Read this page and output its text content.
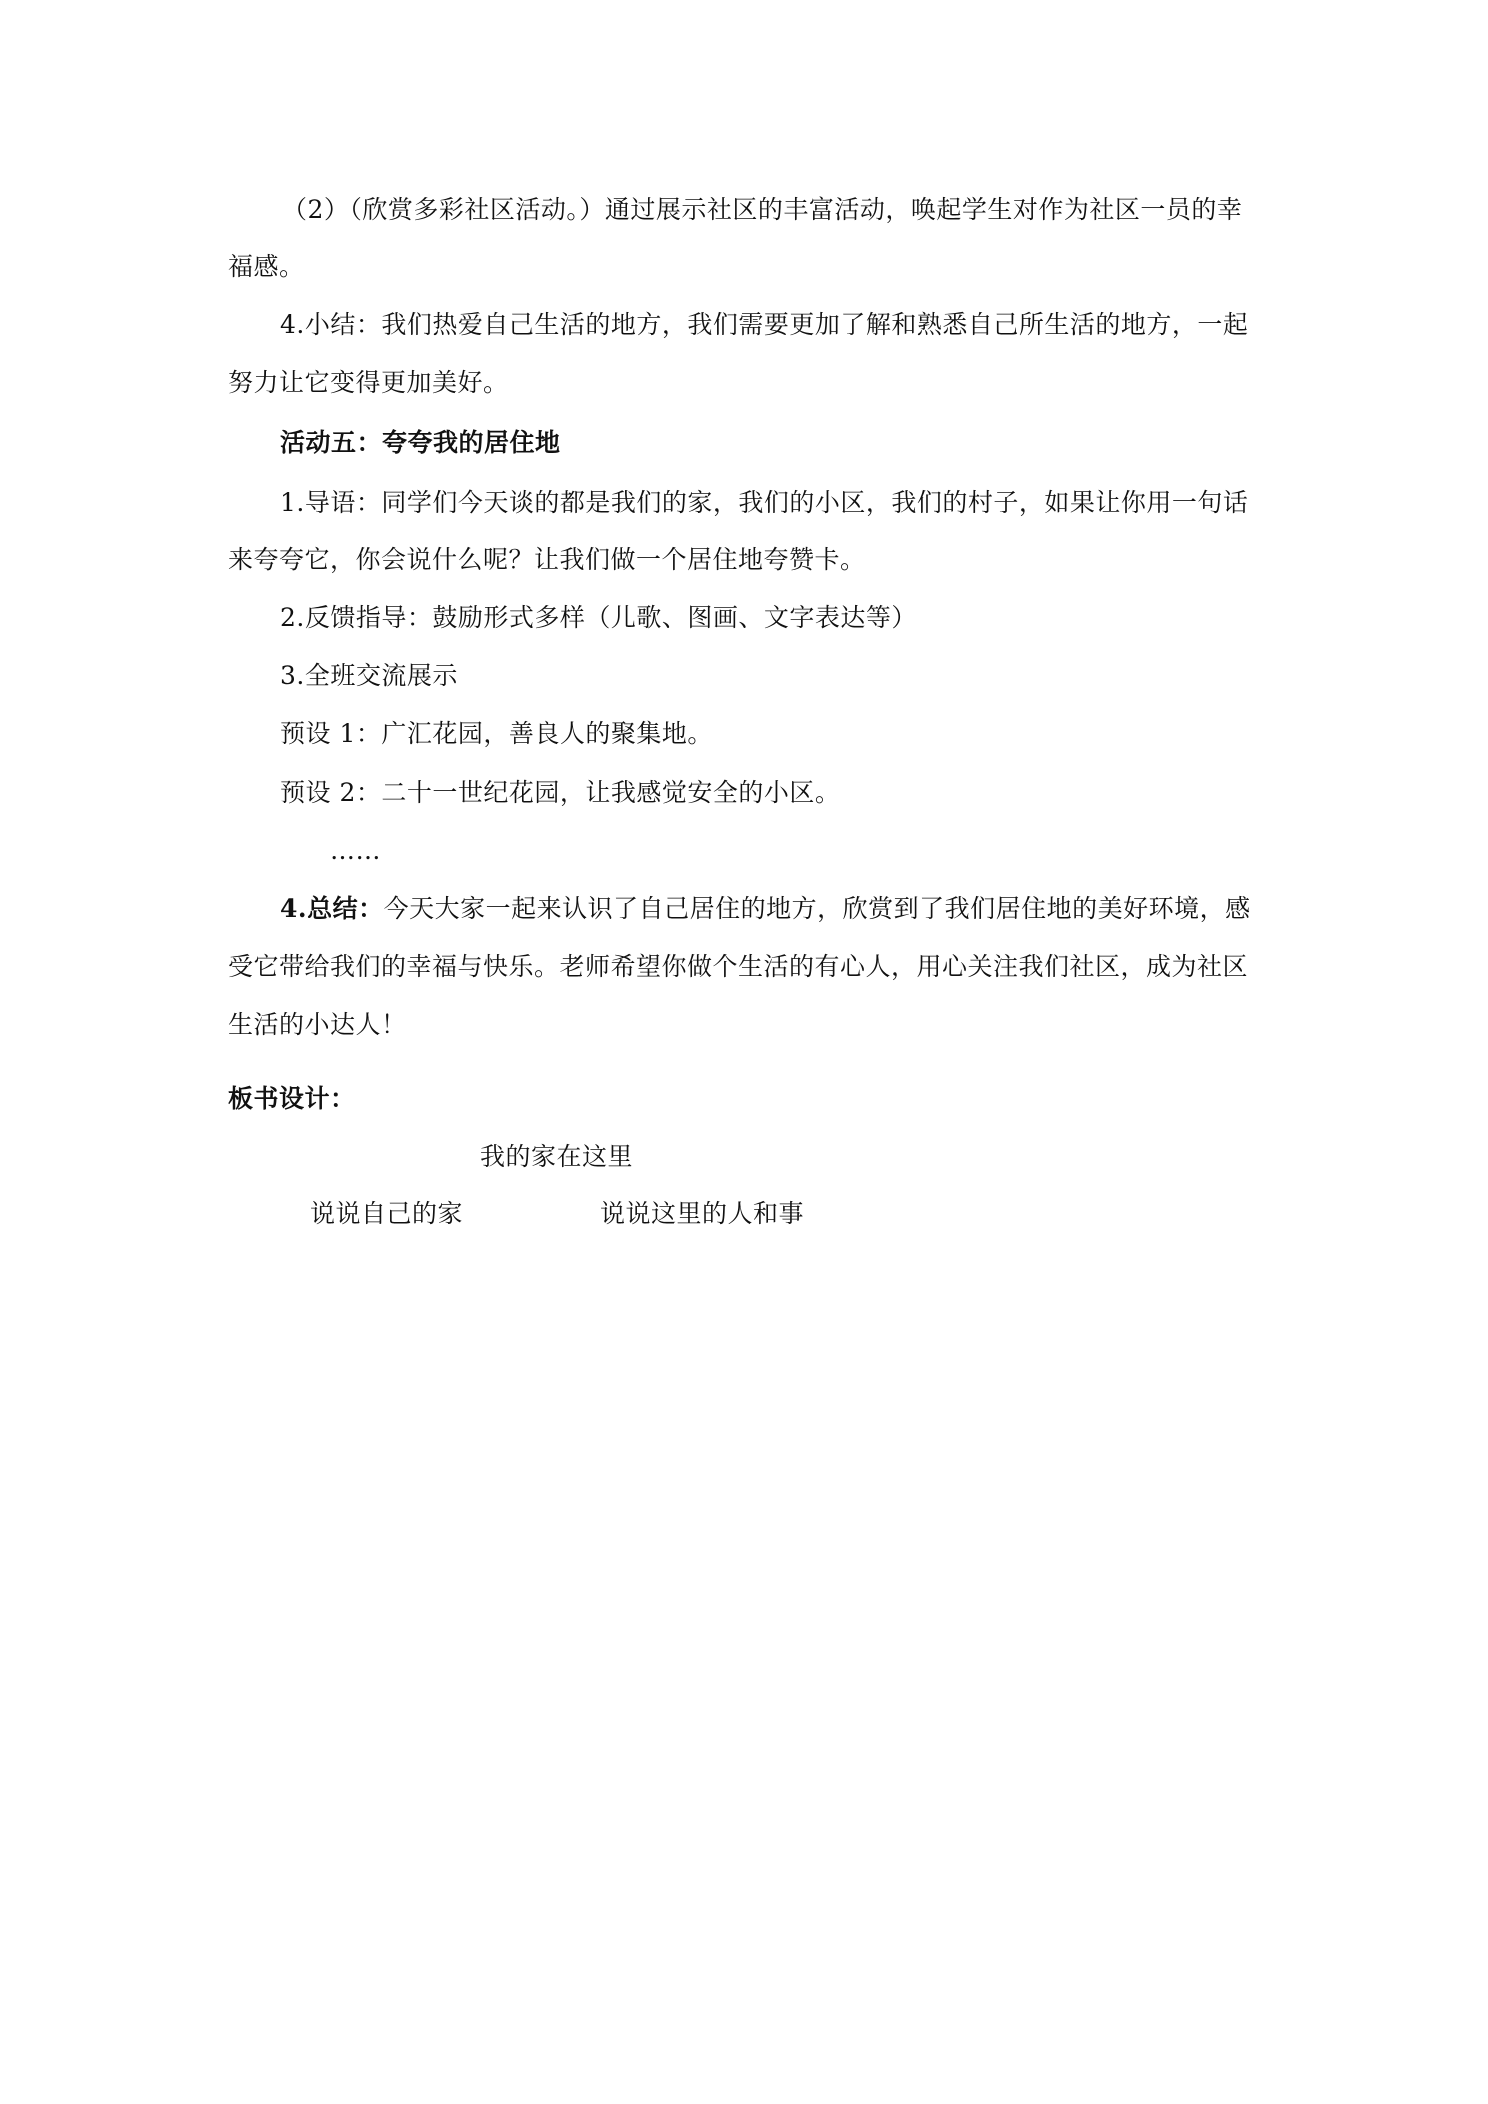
（2）（欣赏多彩社区活动。）通过展示社区的丰富活动，唤起学生对作为社区一员的幸
福感。
4.小结：我们热爱自己生活的地方，我们需要更加了解和熟悉自己所生活的地方，一起
努力让它变得更加美好。
活动五：夸夸我的居住地
1.导语：同学们今天谈的都是我们的家，我们的小区，我们的村子，如果让你用一句话
来夸夸它，你会说什么呢？让我们做一个居住地夸赞卡。
2.反馈指导：鼓励形式多样（儿歌、图画、文字表达等）
3.全班交流展示
预设 1：广汇花园，善良人的聚集地。
预设 2：二十一世纪花园，让我感觉安全的小区。
……
4.总结：今天大家一起来认识了自己居住的地方，欣赏到了我们居住地的美好环境，感
受它带给我们的幸福与快乐。老师希望你做个生活的有心人，用心关注我们社区，成为社区
生活的小达人！
板书设计：
我的家在这里
说说自己的家	说说这里的人和事
